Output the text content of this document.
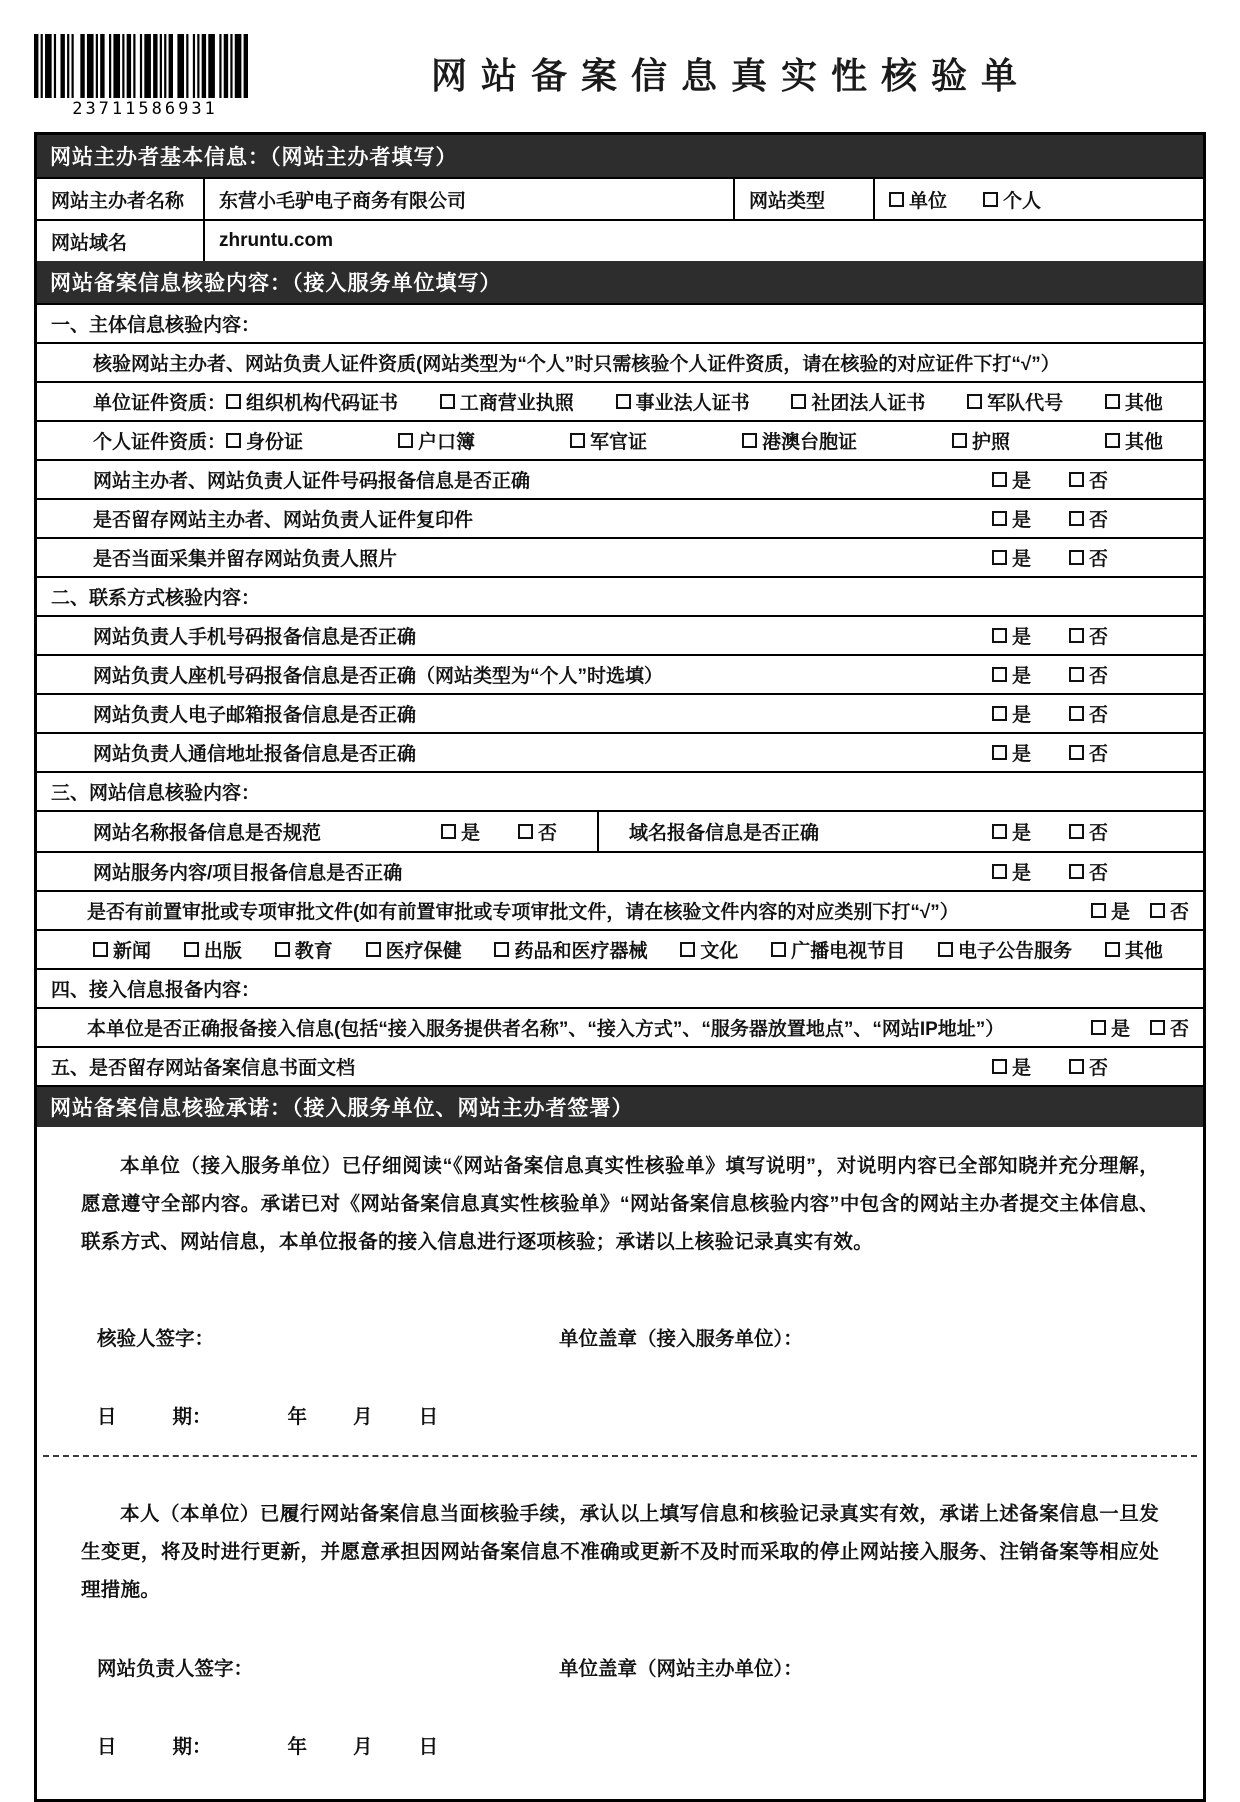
23711586931
网站备案信息真实性核验单
网站主办者基本信息：（网站主办者填写）
网站主办者名称	东营小毛驴电子商务有限公司	网站类型	单位	个人
网站域名	zhruntu.com
网站备案信息核验内容：（接入服务单位填写）
一、主体信息核验内容：
核验网站主办者、网站负责人证件资质(网站类型为“个人”时只需核验个人证件资质，请在核验的对应证件下打“√”）
单位证件资质： 组织机构代码证书	工商营业执照	事业法人证书	社团法人证书	军队代号	其他
个人证件资质： 身份证	户口簿	军官证	港澳台胞证	护照	其他
网站主办者、网站负责人证件号码报备信息是否正确	是	否
是否留存网站主办者、网站负责人证件复印件	是	否
是否当面采集并留存网站负责人照片	是	否
二、联系方式核验内容：
网站负责人手机号码报备信息是否正确	是	否
网站负责人座机号码报备信息是否正确（网站类型为“个人”时选填）	是	否
网站负责人电子邮箱报备信息是否正确	是	否
网站负责人通信地址报备信息是否正确	是	否
三、网站信息核验内容：
网站名称报备信息是否规范	是	否	域名报备信息是否正确	是	否
网站服务内容/项目报备信息是否正确	是	否
是否有前置审批或专项审批文件(如有前置审批或专项审批文件，请在核验文件内容的对应类别下打“√”）	是 否
新闻	出版	教育	医疗保健	药品和医疗器械	文化	广播电视节目	电子公告服务	其他
四、接入信息报备内容：
本单位是否正确报备接入信息(包括“接入服务提供者名称”、“接入方式”、“服务器放置地点”、“网站IP地址”）	是 否
五、是否留存网站备案信息书面文档	是	否
网站备案信息核验承诺：（接入服务单位、网站主办者签署）

本单位（接入服务单位）已仔细阅读“《网站备案信息真实性核验单》填写说明”，对说明内容已全部知晓并充分理解，愿意遵守全部内容。承诺已对《网站备案信息真实性核验单》“网站备案信息核验内容”中包含的网站主办者提交主体信息、联系方式、网站信息，本单位报备的接入信息进行逐项核验；承诺以上核验记录真实有效。

核验人签字：	单位盖章（接入服务单位）：
日	期：	年 月 日

本人（本单位）已履行网站备案信息当面核验手续，承认以上填写信息和核验记录真实有效，承诺上述备案信息一旦发生变更，将及时进行更新，并愿意承担因网站备案信息不准确或更新不及时而采取的停止网站接入服务、注销备案等相应处理措施。

网站负责人签字：	单位盖章（网站主办单位）：
日	期：	年 月 日
